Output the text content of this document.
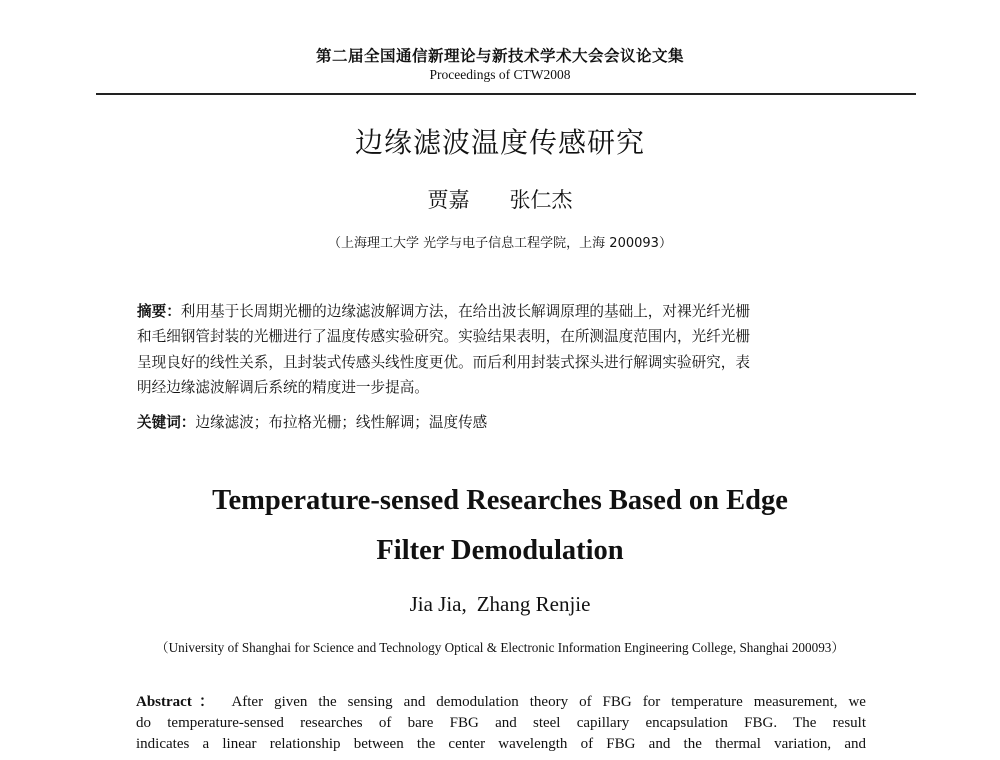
第二届全国通信新理论与新技术学术大会会议论文集
Proceedings of CTW2008
边缘滤波温度传感研究
贾嘉 张仁杰
（上海理工大学 光学与电子信息工程学院，上海 200093）
摘要：利用基于长周期光栅的边缘滤波解调方法，在给出波长解调原理的基础上，对裸光纤光栅
和毛细钢管封装的光栅进行了温度传感实验研究。实验结果表明，在所测温度范围内，光纤光栅
呈现良好的线性关系，且封装式传感头线性度更优。而后利用封装式探头进行解调实验研究，表
明经边缘滤波解调后系统的精度进一步提高。
关键词：边缘滤波；布拉格光栅；线性解调；温度传感
Temperature-sensed Researches Based on Edge
Filter Demodulation
Jia Jia, Zhang Renjie
（University of Shanghai for Science and Technology Optical & Electronic Information Engineering College, Shanghai 200093）
Abstract： After given the sensing and demodulation theory of FBG for temperature measurement, we
do temperature-sensed researches of bare FBG and steel capillary encapsulation FBG. The result
indicates a linear relationship between the center wavelength of FBG and the thermal variation, and
